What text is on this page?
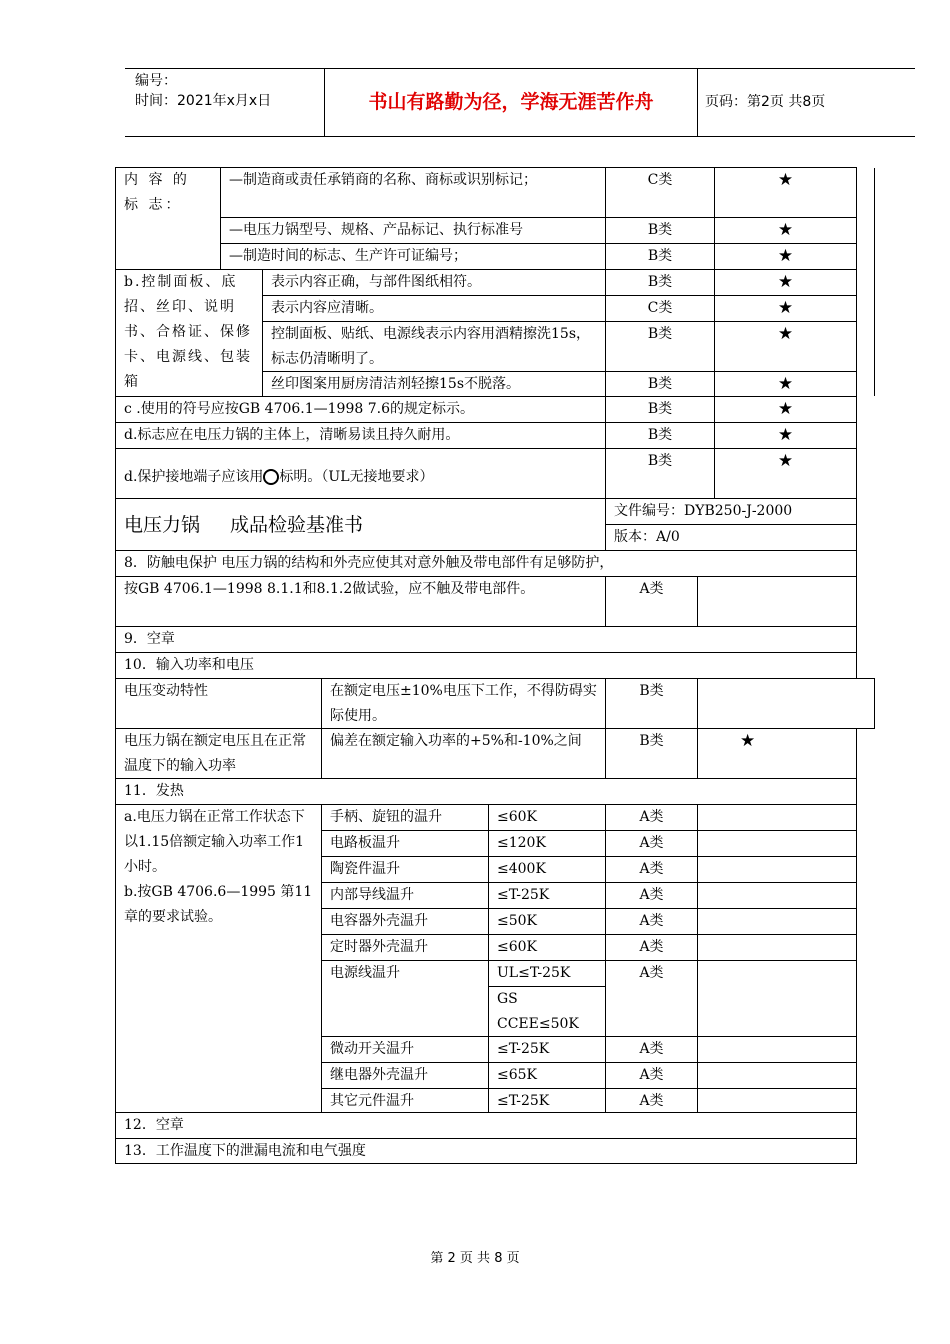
编号：
时间：2021年x月x日	书山有路勤为径，学海无涯苦作舟	页码：第2页 共8页
内 容 的 标 志：
—制造商或责任承销商的名称、商标或识别标记；	C类	★
—电压力锅型号、规格、产品标记、执行标准号	B类	★
—制造时间的标志、生产许可证编号；	B类	★
b.控制面板、底招、丝印、说明书、合格证、保修卡、电源线、包装箱
表示内容正确，与部件图纸相符。	B类	★
表示内容应清晰。	C类	★
控制面板、贴纸、电源线表示内容用酒精擦洗15s，标志仍清晰明了。
B类	★
丝印图案用厨房清洁剂轻擦15s不脱落。	B类	★
c .使用的符号应按GB 4706.1—1998 7.6的规定标示。	B类	★
d.标志应在电压力锅的主体上，清晰易读且持久耐用。	B类	★
d.保护接地端子应该用 标明。（UL无接地要求）
B类	★
电压力锅 成品检验基准书
文件编号：DYB250-J-2000
版本：A/0
8．防触电保护 电压力锅的结构和外壳应使其对意外触及带电部件有足够防护，
按GB 4706.1—1998 8.1.1和8.1.2做试验，应不触及带电部件。	A类
9．空章
10．输入功率和电压
电压变动特性	在额定电压±10%电压下工作，不得防碍实际使用。
B类
电压力锅在额定电压且在正常温度下的输入功率
偏差在额定输入功率的+5%和-10%之间	B类	★
11．发热
a.电压力锅在正常工作状态下以1.15倍额定输入功率工作1小时。
b.按GB 4706.6—1995 第11章的要求试验。
手柄、旋钮的温升	≤60K	A类
电路板温升	≤120K	A类
陶瓷件温升	≤400K	A类
内部导线温升	≤T-25K	A类
电容器外壳温升	≤50K	A类
定时器外壳温升	≤60K	A类
电源线温升	UL≤T-25K
GS
CCEE≤50K
A类
微动开关温升	≤T-25K	A类
继电器外壳温升	≤65K	A类
其它元件温升	≤T-25K	A类
12．空章
13．工作温度下的泄漏电流和电气强度
第 2 页 共 8 页
